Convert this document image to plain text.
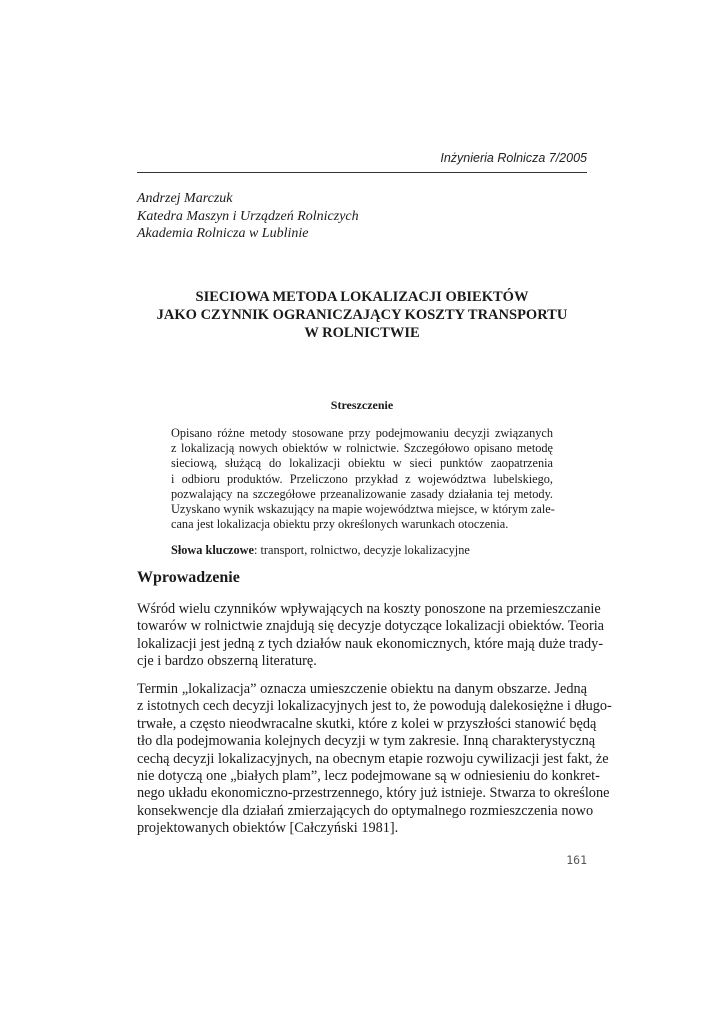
Inżynieria Rolnicza 7/2005
Andrzej Marczuk
Katedra Maszyn i Urządzeń Rolniczych
Akademia Rolnicza w Lublinie
SIECIOWA METODA LOKALIZACJI OBIEKTÓW
JAKO CZYNNIK OGRANICZAJĄCY KOSZTY TRANSPORTU
W ROLNICTWIE
Streszczenie
Opisano różne metody stosowane przy podejmowaniu decyzji związanych
z lokalizacją nowych obiektów w rolnictwie. Szczegółowo opisano metodę
sieciową, służącą do lokalizacji obiektu w sieci punktów zaopatrzenia
i odbioru produktów. Przeliczono przykład z województwa lubelskiego,
pozwalający na szczegółowe przeanalizowanie zasady działania tej metody.
Uzyskano wynik wskazujący na mapie województwa miejsce, w którym zale-
cana jest lokalizacja obiektu przy określonych warunkach otoczenia.
Słowa kluczowe: transport, rolnictwo, decyzje lokalizacyjne
Wprowadzenie
Wśród wielu czynników wpływających na koszty ponoszone na przemieszczanie
towarów w rolnictwie znajdują się decyzje dotyczące lokalizacji obiektów. Teoria
lokalizacji jest jedną z tych działów nauk ekonomicznych, które mają duże trady-
cje i bardzo obszerną literaturę.
Termin „lokalizacja” oznacza umieszczenie obiektu na danym obszarze. Jedną
z istotnych cech decyzji lokalizacyjnych jest to, że powodują dalekosiężne i długo-
trwałe, a często nieodwracalne skutki, które z kolei w przyszłości stanowić będą
tło dla podejmowania kolejnych decyzji w tym zakresie. Inną charakterystyczną
cechą decyzji lokalizacyjnych, na obecnym etapie rozwoju cywilizacji jest fakt, że
nie dotyczą one „białych plam”, lecz podejmowane są w odniesieniu do konkret-
nego układu ekonomiczno-przestrzennego, który już istnieje. Stwarza to określone
konsekwencje dla działań zmierzających do optymalnego rozmieszczenia nowo
projektowanych obiektów [Całczyński 1981].
161
